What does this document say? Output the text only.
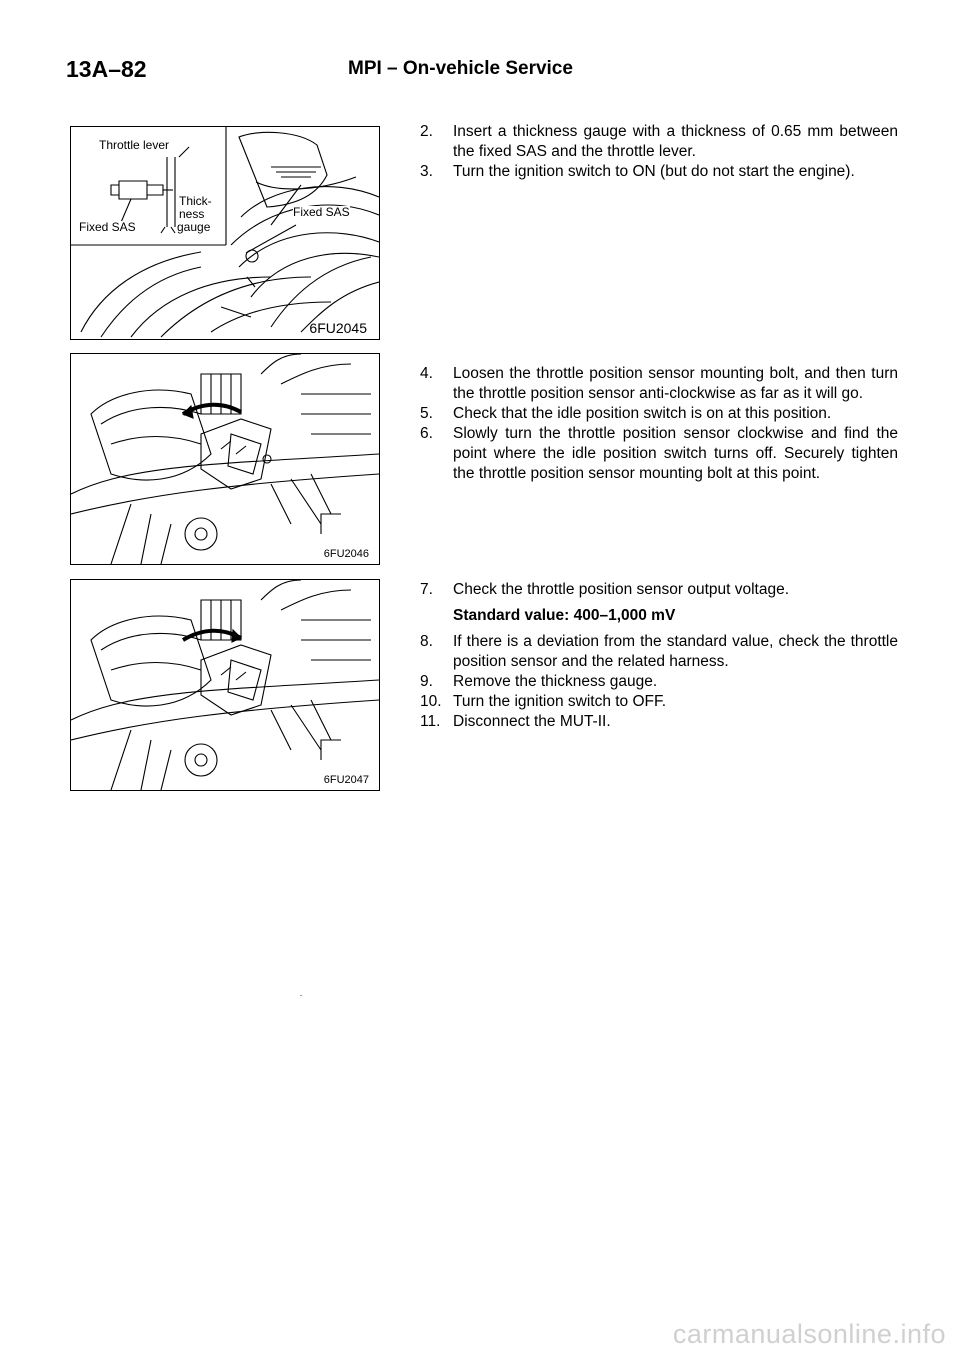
13A–82	MPI – On-vehicle Service
Throttle lever
Thick-
ness
gauge
Fixed SAS
Fixed SAS
6FU2045
6FU2046
6FU2047
2.	Insert a thickness gauge with a thickness of 0.65 mm between the fixed SAS and the throttle lever.
3.	Turn the ignition switch to ON (but do not start the engine).
4.	Loosen the throttle position sensor mounting bolt, and then turn the throttle position sensor anti-clockwise as far as it will go.
5.	Check that the idle position switch is on at this position.
6.	Slowly turn the throttle position sensor clockwise and find the point where the idle position switch turns off. Securely tighten the throttle position sensor mounting bolt at this point.
7.	Check the throttle position sensor output voltage.
Standard value: 400–1,000 mV
8.	If there is a deviation from the standard value, check the throttle position sensor and the related harness.
9.	Remove the thickness gauge.
10. Turn the ignition switch to OFF.
11. Disconnect the MUT-II.
carmanualsonline.info
